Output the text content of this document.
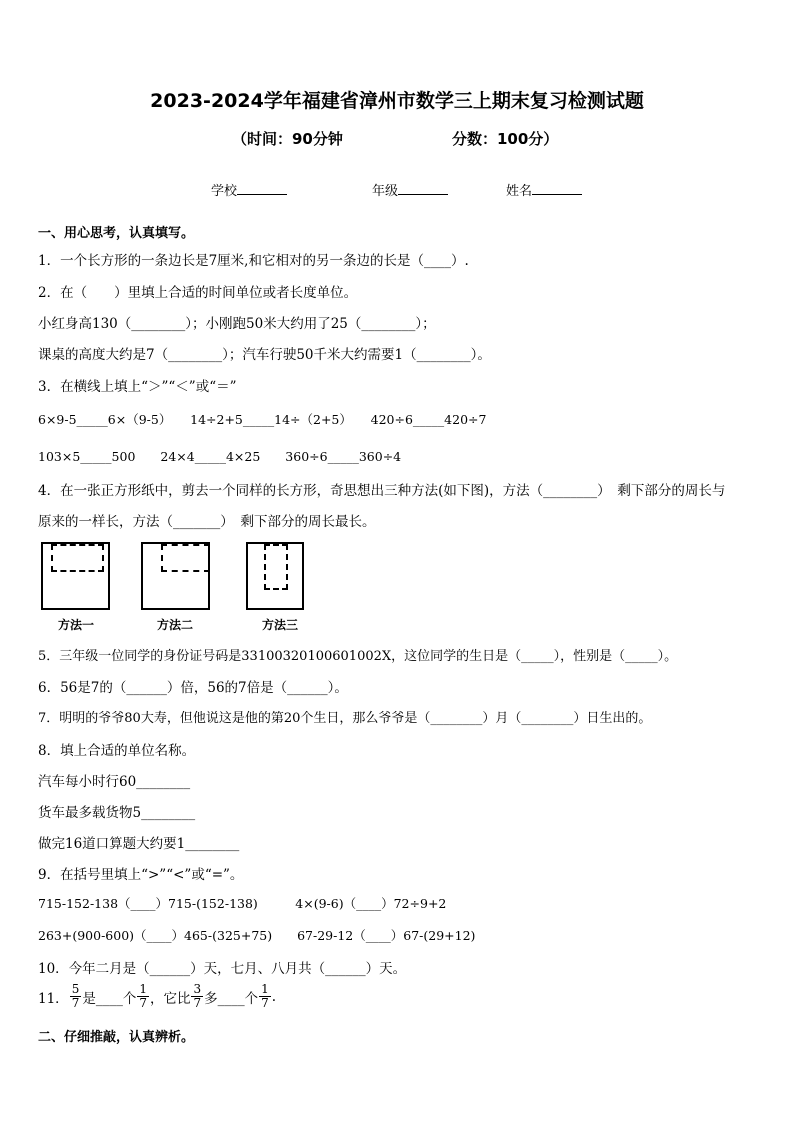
2023-2024学年福建省漳州市数学三上期末复习检测试题
（时间：90分钟	分数：100分）
学校	年级	姓名
一、用心思考，认真填写。
1．一个长方形的一条边长是7厘米,和它相对的另一条边的长是（____）.
2．在（　　）里填上合适的时间单位或者长度单位。
小红身高130（________）；小刚跑50米大约用了25（________）；
课桌的高度大约是7（________）；汽车行驶50千米大约需要1（________）。
3．在横线上填上“＞”“＜”或“＝”
6×9-5_____6×（9-5）　　14÷2+5_____14÷（2+5）　　420÷6_____420÷7
103×5_____500　　24×4_____4×25　　360÷6_____360÷4
4．在一张正方形纸中，剪去一个同样的长方形，奇思想出三种方法(如下图)，方法（________）　剩下部分的周长与
原来的一样长，方法（_______）　剩下部分的周长最长。
方法一	方法二	方法三
5．三年级一位同学的身份证号码是33100320100601002X，这位同学的生日是（_____），性别是（_____）。
6．56是7的（______）倍，56的7倍是（______）。
7．明明的爷爷80大寿，但他说这是他的第20个生日，那么爷爷是（________）月（________）日生出的。
8．填上合适的单位名称。
汽车每小时行60________
货车最多载货物5________
做完16道口算题大约要1________
9．在括号里填上“>”“<”或“=”。
715-152-138（____）715-(152-138)　　　4×(9-6)（____）72÷9+2
263+(900-600)（____）465-(325+75)　　67-29-12（____）67-(29+12)
10．今年二月是（______）天，七月、八月共（______）天。
11． $\frac{5}{7}$ 是____个 $\frac{1}{7}$ ，它比 $\frac{3}{7}$ 多____个 $\frac{1}{7}$ .
二、仔细推敲，认真辨析。
